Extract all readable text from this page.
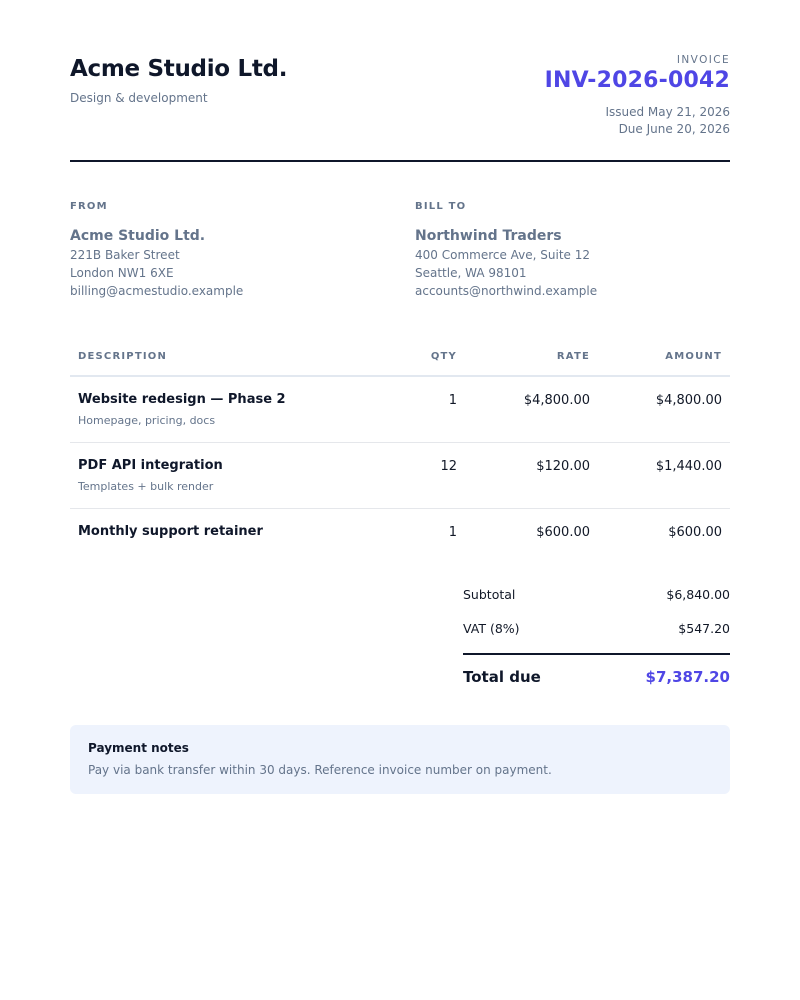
Acme Studio Ltd.
Design & development
INVOICE
INV-2026-0042
Issued May 21, 2026
Due June 20, 2026
FROM
Acme Studio Ltd.
221B Baker Street
London NW1 6XE
billing@acmestudio.example
BILL TO
Northwind Traders
400 Commerce Ave, Suite 12
Seattle, WA 98101
accounts@northwind.example
DESCRIPTION	QTY	RATE	AMOUNT
Website redesign — Phase 2
Homepage, pricing, docs
1	$4,800.00	$4,800.00
PDF API integration
Templates + bulk render
12	$120.00	$1,440.00
Monthly support retainer	1	$600.00	$600.00
Subtotal	$6,840.00
VAT (8%)	$547.20
Total due	$7,387.20
Payment notes
Pay via bank transfer within 30 days. Reference invoice number on payment.
